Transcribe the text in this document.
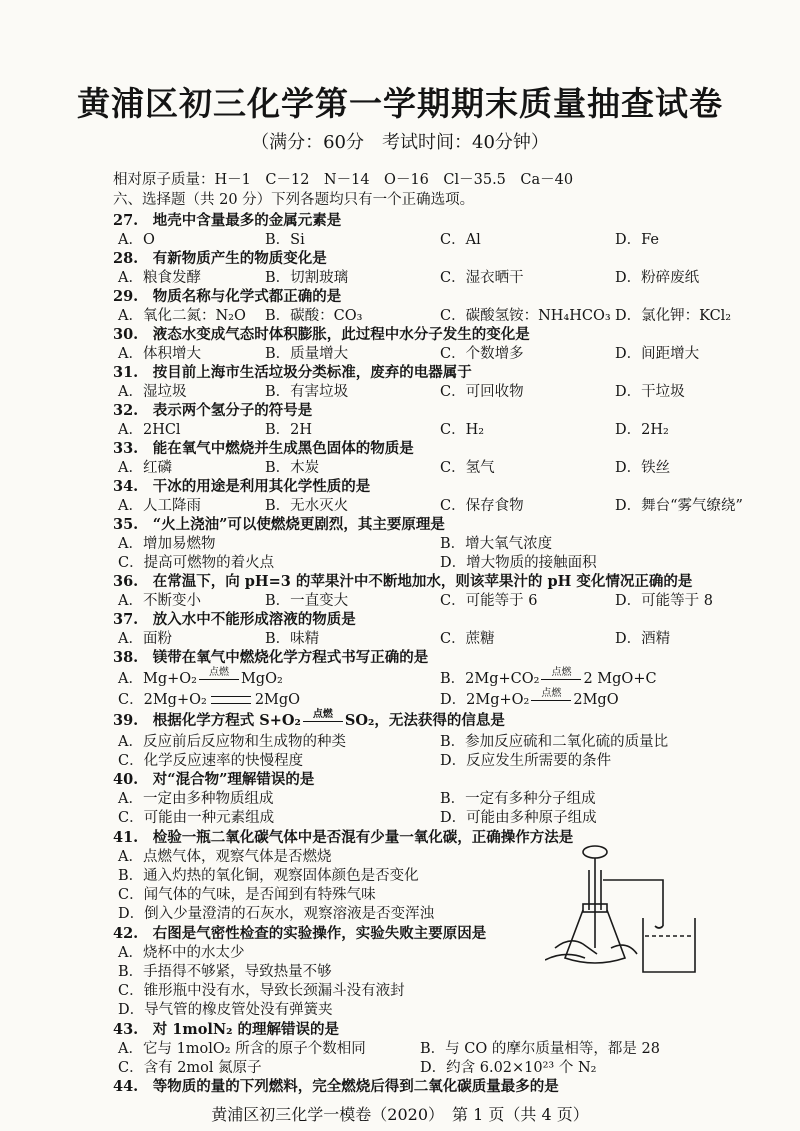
黄浦区初三化学第一学期期末质量抽查试卷
（满分：60分　考试时间：40分钟）
相对原子质量：H－1　C－12　N－14　O－16　Cl－35.5　Ca－40
六、选择题（共 20 分）下列各题均只有一个正确选项。
27.　地壳中含量最多的金属元素是
A．O	B．Si	C．Al	D．Fe
28.　有新物质产生的物质变化是
A．粮食发酵	B．切割玻璃	C．湿衣晒干	D．粉碎废纸
29.　物质名称与化学式都正确的是
A．氧化二氮：N₂O B．碳酸：CO₃	C．碳酸氢铵：NH₄HCO₃ D．氯化钾：KCl₂
30.　液态水变成气态时体积膨胀，此过程中水分子发生的变化是
A．体积增大	B．质量增大	C．个数增多	D．间距增大
31.　按目前上海市生活垃圾分类标准，废弃的电器属于
A．湿垃圾	B．有害垃圾	C．可回收物	D．干垃圾
32.　表示两个氢分子的符号是
A．2HCl	B．2H	C．H₂	D．2H₂
33.　能在氧气中燃烧并生成黑色固体的物质是
A．红磷	B．木炭	C．氢气	D．铁丝
34.　干冰的用途是利用其化学性质的是
A．人工降雨	B．无水灭火	C．保存食物	D．舞台“雾气缭绕”
35.　“火上浇油”可以使燃烧更剧烈，其主要原理是
A．增加易燃物	B．增大氧气浓度
C．提高可燃物的着火点	D．增大物质的接触面积
36.　在常温下，向 pH=3 的苹果汁中不断地加水，则该苹果汁的 pH 变化情况正确的是
A．不断变小	B．一直变大	C．可能等于 6	D．可能等于 8
37.　放入水中不能形成溶液的物质是
A．面粉	B．味精	C．蔗糖	D．酒精
38.　镁带在氧气中燃烧化学方程式书写正确的是
A．Mg+O₂	点燃 MgO₂	B．2Mg+CO₂	点燃 2 MgO+C
C．2Mg+O₂	2MgO	D．2Mg+O₂	点燃 2MgO
39.　根据化学方程式 S+O₂	点燃 SO₂，无法获得的信息是
A．反应前后反应物和生成物的种类	B．参加反应硫和二氧化硫的质量比
C．化学反应速率的快慢程度	D．反应发生所需要的条件
40.　对“混合物”理解错误的是
A．一定由多种物质组成	B．一定有多种分子组成
C．可能由一种元素组成	D．可能由多种原子组成
41.　检验一瓶二氧化碳气体中是否混有少量一氧化碳，正确操作方法是
A．点燃气体，观察气体是否燃烧
B．通入灼热的氧化铜，观察固体颜色是否变化
C．闻气体的气味，是否闻到有特殊气味
D．倒入少量澄清的石灰水，观察溶液是否变浑浊
42.　右图是气密性检查的实验操作，实验失败主要原因是
A．烧杯中的水太少
B．手捂得不够紧，导致热量不够
C．锥形瓶中没有水，导致长颈漏斗没有液封
D．导气管的橡皮管处没有弹簧夹
43.　对 1molN₂ 的理解错误的是
A．它与 1molO₂ 所含的原子个数相同	B．与 CO 的摩尔质量相等，都是 28
C．含有 2mol 氮原子	D．约含 6.02×10²³ 个 N₂
44.　等物质的量的下列燃料，完全燃烧后得到二氧化碳质量最多的是
黄浦区初三化学一模卷（2020）　第 1 页（共 4 页）
